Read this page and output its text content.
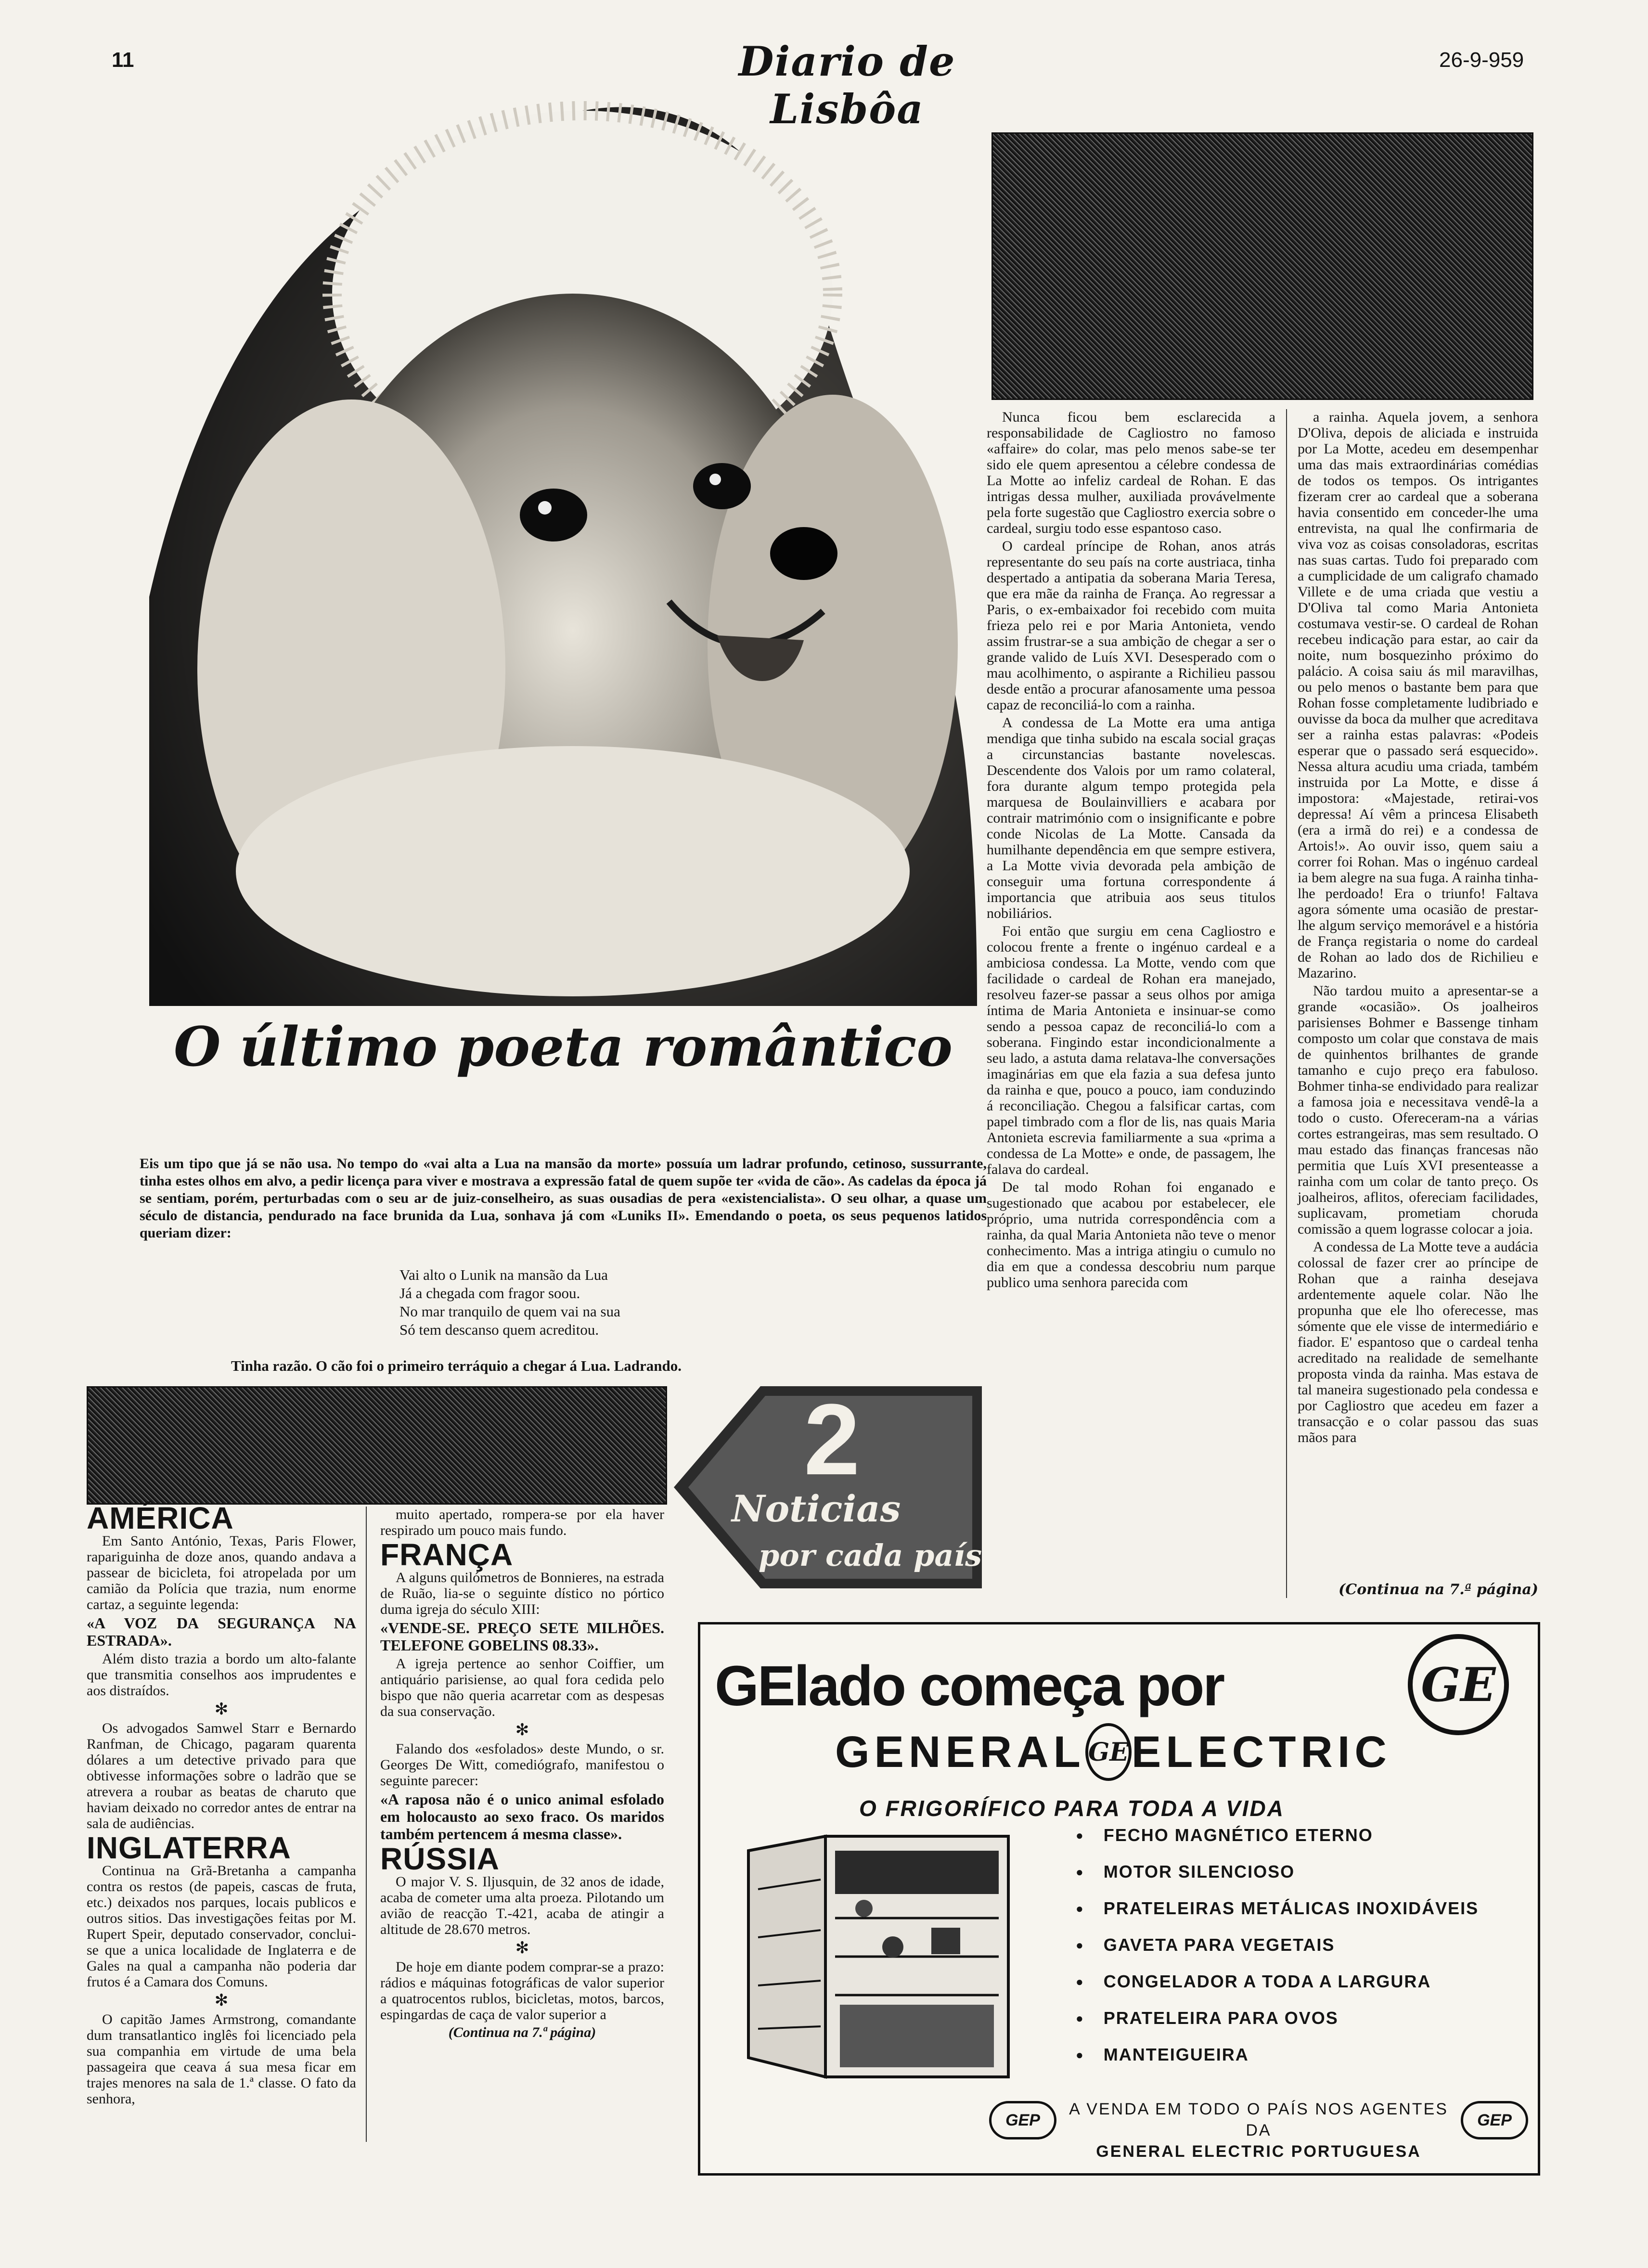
11	Diario de Lisbôa
26-9-959
O último poeta romântico
Eis um tipo que já se não usa. No tempo do «vai alta a Lua na mansão da morte» possuía um ladrar profundo, cetinoso, sussurrante, tinha estes olhos em alvo, a pedir licença para viver e mostrava a expressão fatal de quem supõe ter «vida de cão». As cadelas da época já se sentiam, porém, perturbadas com o seu ar de juiz-conselheiro, as suas ousadias de pera «existencialista». O seu olhar, a quase um século de distancia, pendurado na face brunida da Lua, sonhava já com «Luniks II». Emendando o poeta, os seus pequenos latidos queriam dizer:
Vai alto o Lunik na mansão da Lua
Já a chegada com fragor soou.
No mar tranquilo de quem vai na sua
Só tem descanso quem acreditou.
Tinha razão. O cão foi o primeiro terráquio a chegar á Lua. Ladrando.

Nunca ficou bem esclarecida a responsabilidade de Cagliostro no famoso «affaire» do colar, mas pelo menos sabe-se ter sido ele quem apresentou a célebre condessa de La Motte ao infeliz cardeal de Rohan. E das intrigas dessa mulher, auxiliada provávelmente pela forte sugestão que Cagliostro exercia sobre o cardeal, surgiu todo esse espantoso caso.

O cardeal príncipe de Rohan, anos atrás representante do seu país na corte austriaca, tinha despertado a antipatia da soberana Maria Teresa, que era mãe da rainha de França. Ao regressar a Paris, o ex-embaixador foi recebido com muita frieza pelo rei e por Maria Antonieta, vendo assim frustrar-se a sua ambição de chegar a ser o grande valido de Luís XVI. Desesperado com o mau acolhimento, o aspirante a Richilieu passou desde então a procurar afanosamente uma pessoa capaz de reconciliá-lo com a rainha.

A condessa de La Motte era uma antiga mendiga que tinha subido na escala social graças a circunstancias bastante novelescas. Descendente dos Valois por um ramo colateral, fora durante algum tempo protegida pela marquesa de Boulainvilliers e acabara por contrair matrimónio com o insignificante e pobre conde Nicolas de La Motte. Cansada da humilhante dependência em que sempre estivera, a La Motte vivia devorada pela ambição de conseguir uma fortuna correspondente á importancia que atribuia aos seus titulos nobiliários.

Foi então que surgiu em cena Cagliostro e colocou frente a frente o ingénuo cardeal e a ambiciosa condessa. La Motte, vendo com que facilidade o cardeal de Rohan era manejado, resolveu fazer-se passar a seus olhos por amiga íntima de Maria Antonieta e insinuar-se como sendo a pessoa capaz de reconciliá-lo com a soberana. Fingindo estar incondicionalmente a seu lado, a astuta dama relatava-lhe conversações imaginárias em que ela fazia a sua defesa junto da rainha e que, pouco a pouco, iam conduzindo á reconciliação. Chegou a falsificar cartas, com papel timbrado com a flor de lis, nas quais Maria Antonieta escrevia familiarmente a sua «prima a condessa de La Motte» e onde, de passagem, lhe falava do cardeal.

De tal modo Rohan foi enganado e sugestionado que acabou por estabelecer, ele próprio, uma nutrida correspondência com a rainha, da qual Maria Antonieta não teve o menor conhecimento. Mas a intriga atingiu o cumulo no dia em que a condessa descobriu num parque publico uma senhora parecida com

a rainha. Aquela jovem, a senhora D'Oliva, depois de aliciada e instruida por La Motte, acedeu em desempenhar uma das mais extraordinárias comédias de todos os tempos. Os intrigantes fizeram crer ao cardeal que a soberana havia consentido em conceder-lhe uma entrevista, na qual lhe confirmaria de viva voz as coisas consoladoras, escritas nas suas cartas. Tudo foi preparado com a cumplicidade de um caligrafo chamado Villete e de uma criada que vestiu a D'Oliva tal como Maria Antonieta costumava vestir-se. O cardeal de Rohan recebeu indicação para estar, ao cair da noite, num bosquezinho próximo do palácio. A coisa saiu ás mil maravilhas, ou pelo menos o bastante bem para que Rohan fosse completamente ludibriado e ouvisse da boca da mulher que acreditava ser a rainha estas palavras: «Podeis esperar que o passado será esquecido». Nessa altura acudiu uma criada, também instruida por La Motte, e disse á impostora: «Majestade, retirai-vos depressa! Aí vêm a princesa Elisabeth (era a irmã do rei) e a condessa de Artois!». Ao ouvir isso, quem saiu a correr foi Rohan. Mas o ingénuo cardeal ia bem alegre na sua fuga. A rainha tinha-lhe perdoado! Era o triunfo! Faltava agora sómente uma ocasião de prestar-lhe algum serviço memorável e a história de França registaria o nome do cardeal de Rohan ao lado dos de Richilieu e Mazarino.

Não tardou muito a apresentar-se a grande «ocasião». Os joalheiros parisienses Bohmer e Bassenge tinham composto um colar que constava de mais de quinhentos brilhantes de grande tamanho e cujo preço era fabuloso. Bohmer tinha-se endividado para realizar a famosa joia e necessitava vendê-la a todo o custo. Ofereceram-na a várias cortes estrangeiras, mas sem resultado. O mau estado das finanças francesas não permitia que Luís XVI presenteasse a rainha com um colar de tanto preço. Os joalheiros, aflitos, ofereciam facilidades, suplicavam, prometiam choruda comissão a quem lograsse colocar a joia.

A condessa de La Motte teve a audácia colossal de fazer crer ao príncipe de Rohan que a rainha desejava ardentemente aquele colar. Não lhe propunha que ele lho oferecesse, mas sómente que ele visse de intermediário e fiador. E' espantoso que o cardeal tenha acreditado na realidade de semelhante proposta vinda da rainha. Mas estava de tal maneira sugestionado pela condessa e por Cagliostro que acedeu em fazer a transacção e o colar passou das suas mãos para

(Continua na 7.ª página)
2
Noticias
por cada país
AMÉRICA

Em Santo António, Texas, Paris Flower, rapariguinha de doze anos, quando andava a passear de bicicleta, foi atropelada por um camião da Polícia que trazia, num enorme cartaz, a seguinte legenda:

«A VOZ DA SEGURANÇA NA ESTRADA».

Além disto trazia a bordo um alto-falante que transmitia conselhos aos imprudentes e aos distraídos.

✻

Os advogados Samwel Starr e Bernardo Ranfman, de Chicago, pagaram quarenta dólares a um detective privado para que obtivesse informações sobre o ladrão que se atrevera a roubar as beatas de charuto que haviam deixado no corredor antes de entrar na sala de audiências.

INGLATERRA

Continua na Grã-Bretanha a campanha contra os restos (de papeis, cascas de fruta, etc.) deixados nos parques, locais publicos e outros sitios. Das investigações feitas por M. Rupert Speir, deputado conservador, conclui-se que a unica localidade de Inglaterra e de Gales na qual a campanha não poderia dar frutos é a Camara dos Comuns.

✻

O capitão James Armstrong, comandante dum transatlantico inglês foi licenciado pela sua companhia em virtude de uma bela passageira que ceava á sua mesa ficar em trajes menores na sala de 1.ª classe. O fato da senhora,

muito apertado, rompera-se por ela haver respirado um pouco mais fundo.

FRANÇA

A alguns quilómetros de Bonnieres, na estrada de Ruão, lia-se o seguinte dístico no pórtico duma igreja do século XIII:

«VENDE-SE. PREÇO SETE MILHÕES. TELEFONE GOBELINS 08.33».

A igreja pertence ao senhor Coiffier, um antiquário parisiense, ao qual fora cedida pelo bispo que não queria acarretar com as despesas da sua conservação.

✻

Falando dos «esfolados» deste Mundo, o sr. Georges De Witt, comediógrafo, manifestou o seguinte parecer:

«A raposa não é o unico animal esfolado em holocausto ao sexo fraco. Os maridos também pertencem á mesma classe».

RÚSSIA

O major V. S. Iljusquin, de 32 anos de idade, acaba de cometer uma alta proeza. Pilotando um avião de reacção T.-421, acaba de atingir a altitude de 28.670 metros.

✻

De hoje em diante podem comprar-se a prazo: rádios e máquinas fotográficas de valor superior a quatrocentos rublos, bicicletas, motos, barcos, espingardas de caça de valor superior a

(Continua na 7.ª página)
GElado começa por	GE
GENERAL GE ELECTRIC
O FRIGORÍFICO PARA TODA A VIDA
● FECHO MAGNÉTICO ETERNO
● MOTOR SILENCIOSO
● PRATELEIRAS METÁLICAS INOXIDÁVEIS
● GAVETA PARA VEGETAIS
● CONGELADOR A TODA A LARGURA
● PRATELEIRA PARA OVOS
● MANTEIGUEIRA
GEP
A VENDA EM TODO O PAÍS NOS AGENTES DA
GENERAL ELECTRIC PORTUGUESA
GEP
